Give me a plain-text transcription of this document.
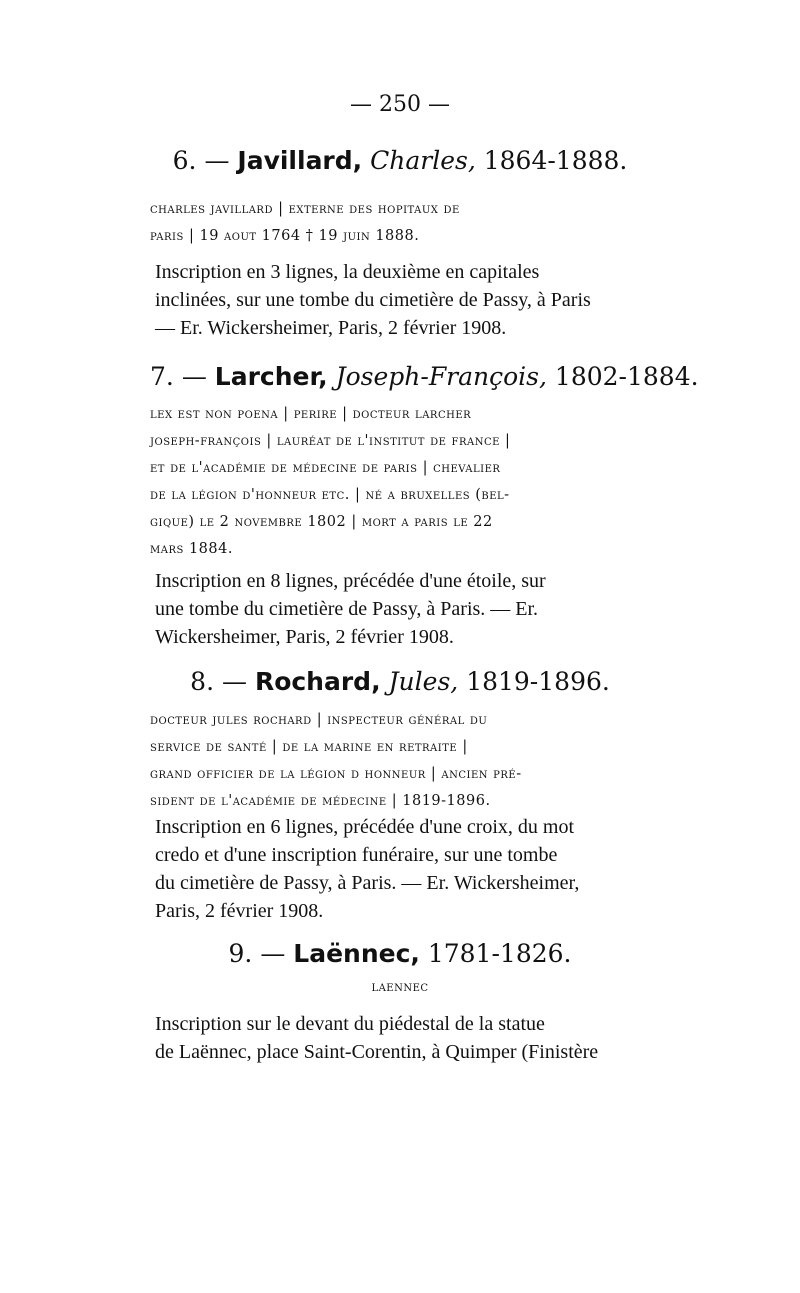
— 250 —
6. — Javillard, Charles, 1864-1888.
charles javillard | externe des hopitaux de
paris | 19 aout 1764 † 19 juin 1888.
Inscription en 3 lignes, la deuxième en capitales
inclinées, sur une tombe du cimetière de Passy, à Paris
— Er. Wickersheimer, Paris, 2 février 1908.
7. — Larcher, Joseph-François, 1802-1884.
lex est non poena | perire | docteur larcher
joseph-françois | lauréat de l'institut de france |
et de l'académie de médecine de paris | chevalier
de la légion d'honneur etc. | né a bruxelles (bel-
gique) le 2 novembre 1802 | mort a paris le 22
mars 1884.
Inscription en 8 lignes, précédée d'une étoile, sur
une tombe du cimetière de Passy, à Paris. — Er.
Wickersheimer, Paris, 2 février 1908.
8. — Rochard, Jules, 1819-1896.
docteur jules rochard | inspecteur général du
service de santé | de la marine en retraite |
grand officier de la légion d honneur | ancien pré-
sident de l'académie de médecine | 1819-1896.
Inscription en 6 lignes, précédée d'une croix, du mot
credo et d'une inscription funéraire, sur une tombe
du cimetière de Passy, à Paris. — Er. Wickersheimer,
Paris, 2 février 1908.
9. — Laënnec, 1781-1826.
laennec
Inscription sur le devant du piédestal de la statue
de Laënnec, place Saint-Corentin, à Quimper (Finistère
